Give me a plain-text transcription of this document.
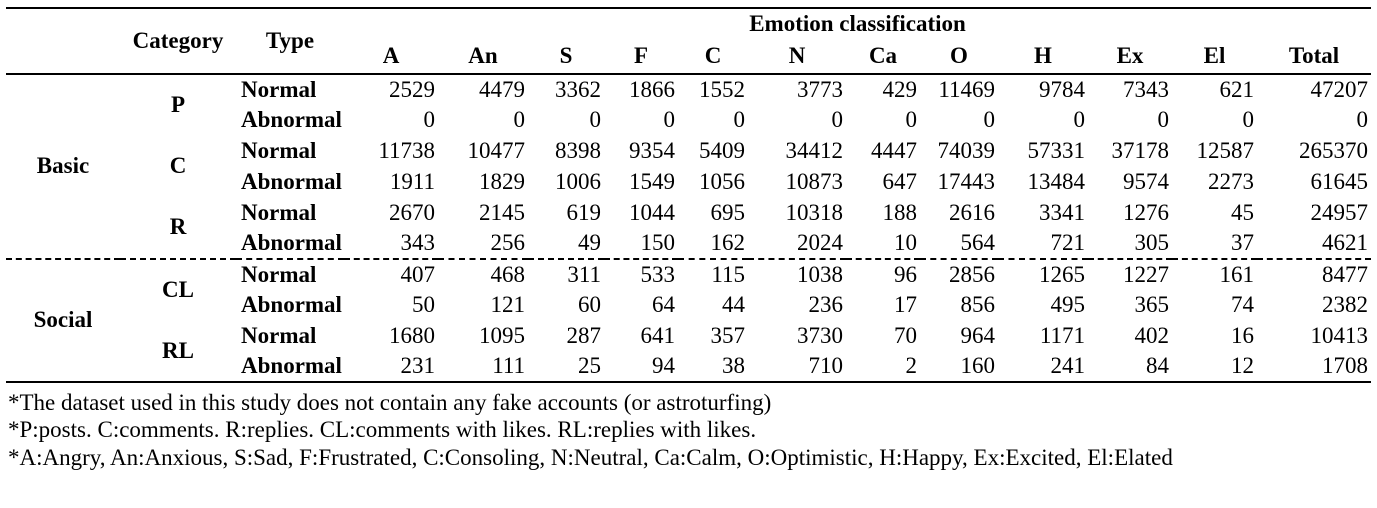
	Category	Type	Emotion classification											
			A	An	S	F	C	N	Ca	O	H	Ex	El	Total
Basic	P	Normal	2529	4479	3362	1866	1552	3773	429	11469	9784	7343	621	47207
		Abnormal	0	0	0	0	0	0	0	0	0	0	0	0
	C	Normal	11738	10477	8398	9354	5409	34412	4447	74039	57331	37178	12587	265370
		Abnormal	1911	1829	1006	1549	1056	10873	647	17443	13484	9574	2273	61645
	R	Normal	2670	2145	619	1044	695	10318	188	2616	3341	1276	45	24957
		Abnormal	343	256	49	150	162	2024	10	564	721	305	37	4621
Social	CL	Normal	407	468	311	533	115	1038	96	2856	1265	1227	161	8477
		Abnormal	50	121	60	64	44	236	17	856	495	365	74	2382
	RL	Normal	1680	1095	287	641	357	3730	70	964	1171	402	16	10413
		Abnormal	231	111	25	94	38	710	2	160	241	84	12	1708
*The dataset used in this study does not contain any fake accounts (or astroturfing)
*P:posts. C:comments. R:replies. CL:comments with likes. RL:replies with likes.
*A:Angry, An:Anxious, S:Sad, F:Frustrated, C:Consoling, N:Neutral, Ca:Calm, O:Optimistic, H:Happy, Ex:Excited, El:Elated
